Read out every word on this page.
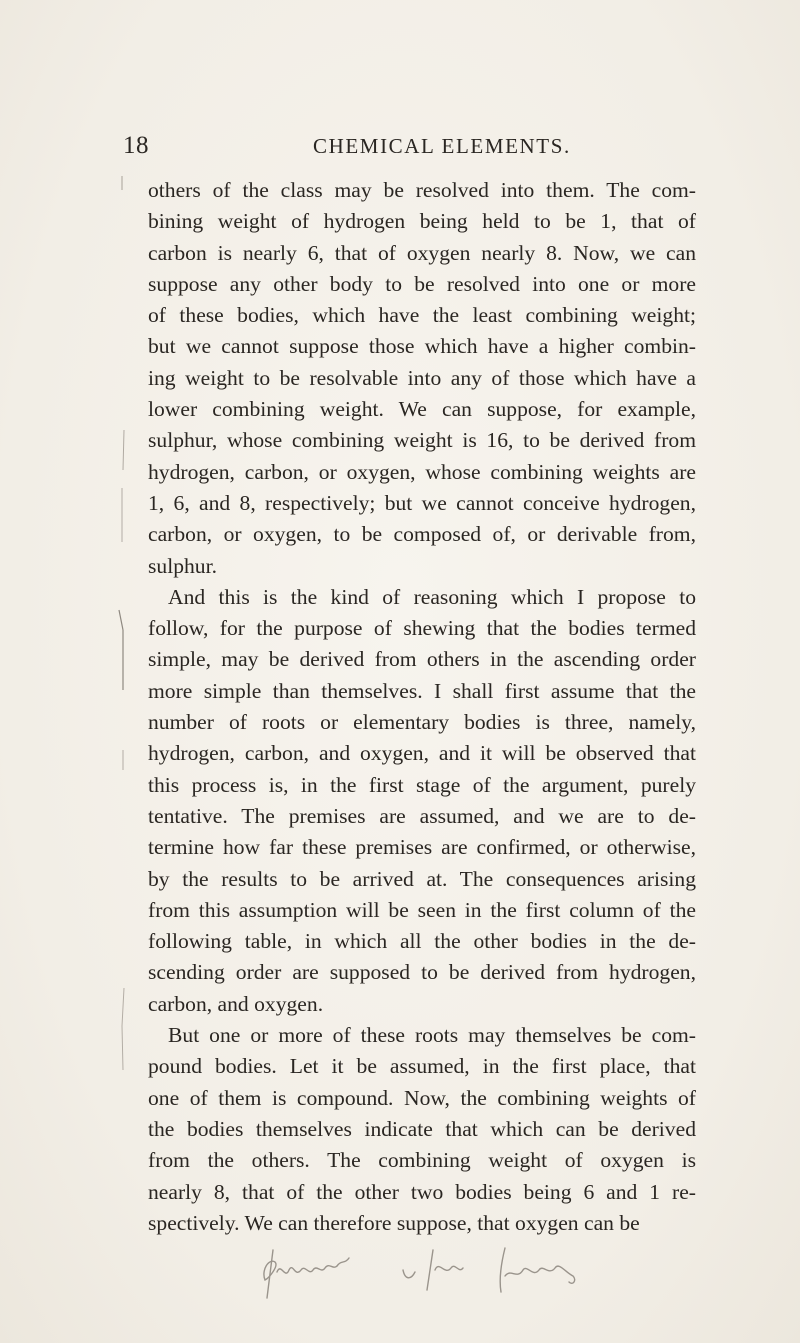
18	CHEMICAL ELEMENTS.

others of the class may be resolved into them. The com-
bining weight of hydrogen being held to be 1, that of
carbon is nearly 6, that of oxygen nearly 8. Now, we can
suppose any other body to be resolved into one or more
of these bodies, which have the least combining weight;
but we cannot suppose those which have a higher combin-
ing weight to be resolvable into any of those which have a
lower combining weight. We can suppose, for example,
sulphur, whose combining weight is 16, to be derived from
hydrogen, carbon, or oxygen, whose combining weights are
1, 6, and 8, respectively; but we cannot conceive hydrogen,
carbon, or oxygen, to be composed of, or derivable from,
sulphur.

And this is the kind of reasoning which I propose to
follow, for the purpose of shewing that the bodies termed
simple, may be derived from others in the ascending order
more simple than themselves. I shall first assume that the
number of roots or elementary bodies is three, namely,
hydrogen, carbon, and oxygen, and it will be observed that
this process is, in the first stage of the argument, purely
tentative. The premises are assumed, and we are to de-
termine how far these premises are confirmed, or otherwise,
by the results to be arrived at. The consequences arising
from this assumption will be seen in the first column of the
following table, in which all the other bodies in the de-
scending order are supposed to be derived from hydrogen,
carbon, and oxygen.

But one or more of these roots may themselves be com-
pound bodies. Let it be assumed, in the first place, that
one of them is compound. Now, the combining weights of
the bodies themselves indicate that which can be derived
from the others. The combining weight of oxygen is
nearly 8, that of the other two bodies being 6 and 1 re-
spectively. We can therefore suppose, that oxygen can be
